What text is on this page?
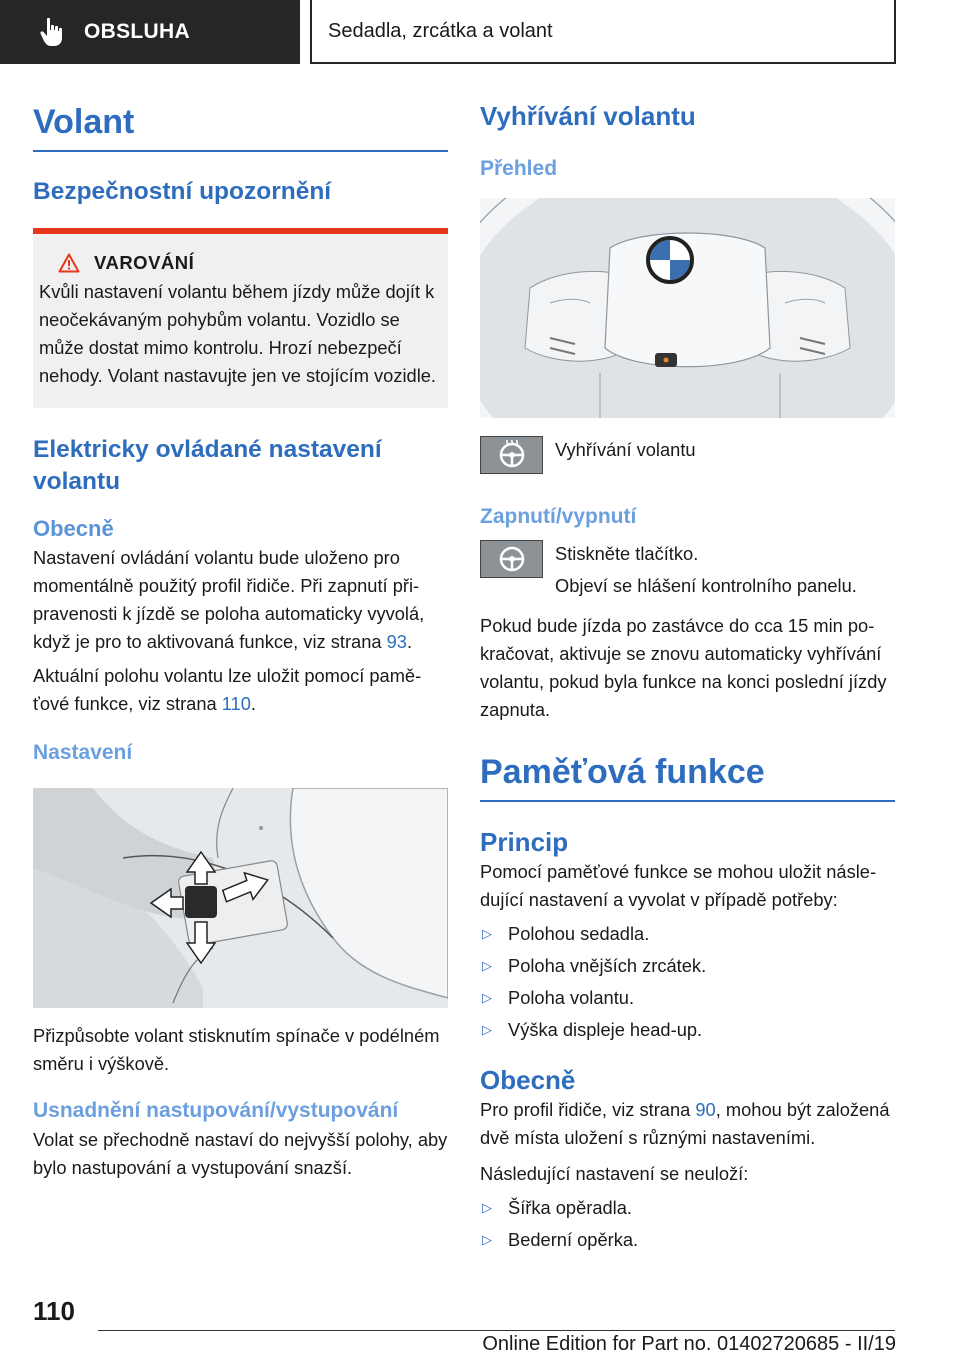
OBSLUHA	Sedadla, zrcátka a volant
Volant
Bezpečnostní upozornění
VAROVÁNÍ

Kvůli nastavení volantu během jízdy může dojít k neočekávaným pohybům volantu. Vozidlo se může dostat mimo kontrolu. Hrozí nebezpečí nehody. Volant nastavujte jen ve stojícím vozidle.

Elektricky ovládané nastavení volantu
Obecně

Nastavení ovládání volantu bude uloženo pro momentálně použitý profil řidiče. Při zapnutí připravenosti k jízdě se poloha automaticky vyvolá, když je pro to aktivovaná funkce, viz strana 93.

Aktuální polohu volantu lze uložit pomocí paměťové funkce, viz strana 110.

Nastavení

Přizpůsobte volant stisknutím spínače v podélném směru i výškově.

Usnadnění nastupování/vystupování

Volat se přechodně nastaví do nejvyšší polohy, aby bylo nastupování a vystupování snazší.

Vyhřívání volantu
Přehled

Vyhřívání volantu

Zapnutí/vypnutí

Stiskněte tlačítko.

Objeví se hlášení kontrolního panelu.

Pokud bude jízda po zastávce do cca 15 min pokračovat, aktivuje se znovu automaticky vyhřívání volantu, pokud byla funkce na konci poslední jízdy zapnuta.

Paměťová funkce
Princip

Pomocí paměťové funkce se mohou uložit následující nastavení a vyvolat v případě potřeby:

▷ Polohou sedadla.
▷ Poloha vnějších zrcátek.
▷ Poloha volantu.
▷ Výška displeje head-up.
Obecně

Pro profil řidiče, viz strana 90, mohou být založená dvě místa uložení s různými nastaveními.

Následující nastavení se neuloží:

▷ Šířka opěradla.
▷ Bederní opěrka.
110
Online Edition for Part no. 01402720685 - II/19
